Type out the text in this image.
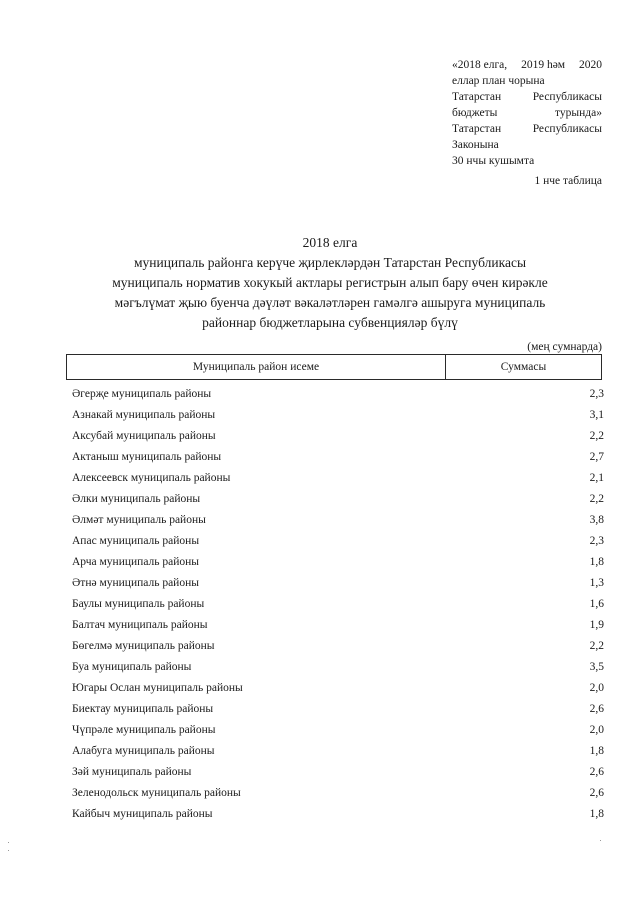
«2018 елга, 2019 һәм 2020
еллар план чорына
Татарстан	Республикасы
бюджеты	турында»
Татарстан	Республикасы
Законына
30 нчы кушымта
1 нче таблица
2018 елга
муниципаль районга керүче җирлекләрдән Татарстан Республикасы
муниципаль норматив хокукый актлары регистрын алып бару өчен кирәкле
мәгълүмат җыю буенча дәүләт вәкаләтләрен гамәлгә ашыруга муниципаль
районнар бюджетларына субвенцияләр бүлү
(мең сумнарда)
Муниципаль район исеме	Суммасы
Әгерҗе муниципаль районы	2,3
Азнакай муниципаль районы	3,1
Аксубай муниципаль районы	2,2
Актаныш муниципаль районы	2,7
Алексеевск муниципаль районы	2,1
Әлки муниципаль районы	2,2
Әлмәт муниципаль районы	3,8
Апас муниципаль районы	2,3
Арча муниципаль районы	1,8
Әтнә муниципаль районы	1,3
Баулы муниципаль районы	1,6
Балтач муниципаль районы	1,9
Бөгелмә муниципаль районы	2,2
Буа муниципаль районы	3,5
Югары Ослан муниципаль районы	2,0
Биектау муниципаль районы	2,6
Чүпрәле муниципаль районы	2,0
Алабуга муниципаль районы	1,8
Зәй муниципаль районы	2,6
Зеленодольск муниципаль районы	2,6
Кайбыч муниципаль районы	1,8
